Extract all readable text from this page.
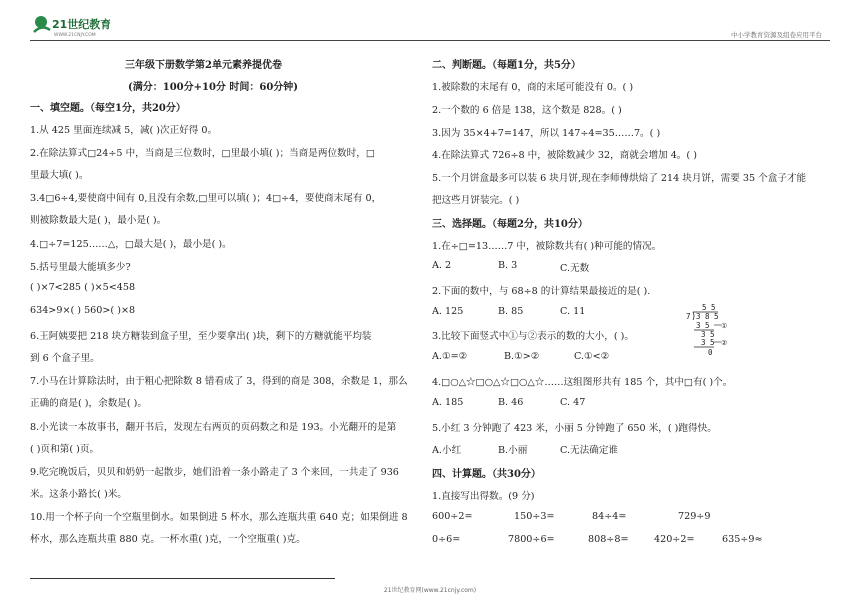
21世纪教育
WWW.21CNJY.COM	中小学教育资源及组卷应用平台
三年级下册数学第2单元素养提优卷
(满分：100分+10分 时间：60分钟)
一、填空题。（每空1分，共20分）
1.从 425 里面连续减 5，减( )次正好得 0。
2.在除法算式□24÷5 中，当商是三位数时，□里最小填( )；当商是两位数时，□
里最大填( )。
3.4□6÷4,要使商中间有 0,且没有余数,□里可以填( )；4□÷4，要使商末尾有 0，
则被除数最大是( )，最小是( )。
4.□÷7=125……△，□最大是( )，最小是( )。
5.括号里最大能填多少?
( )×7<285 ( )×5<458
634>9×( ) 560>( )×8
6.王阿姨要把 218 块方糖装到盒子里，至少要拿出( )块，剩下的方糖就能平均装
到 6 个盒子里。
7.小马在计算除法时，由于粗心把除数 8 错看成了 3，得到的商是 308，余数是 1，那么
正确的商是( )，余数是( )。
8.小光读一本故事书，翻开书后，发现左右两页的页码数之和是 193。小光翻开的是第
( )页和第( )页。
9.吃完晚饭后，贝贝和奶奶一起散步，她们沿着一条小路走了 3 个来回，一共走了 936
米。这条小路长( )米。
10.用一个杯子向一个空瓶里倒水。如果倒进 5 杯水，那么连瓶共重 640 克；如果倒进 8
杯水，那么连瓶共重 880 克。一杯水重( )克，一个空瓶重( )克。
二、判断题。（每题1分，共5分）
1.被除数的末尾有 0，商的末尾可能没有 0。( )
2.一个数的 6 倍是 138，这个数是 828。( )
3.因为 35×4+7=147，所以 147÷4=35……7。( )
4.在除法算式 726÷8 中，被除数减少 32，商就会增加 4。( )
5.一个月饼盒最多可以装 6 块月饼,现在李师傅烘焙了 214 块月饼，需要 35 个盒子才能
把这些月饼装完。( )
三、选择题。（每题2分，共10分）
1.在÷□=13……7 中，被除数共有( )种可能的情况。
A. 2	B. 3	C.无数
2.下面的数中，与 68÷8 的计算结果最接近的是( ).
A. 125	B. 85	C. 11
3.比较下面竖式中①与②表示的数的大小，( )。
A.①=②	B.①>②	C.①<②
4.□○△☆□○△☆□○△☆……这组图形共有 185 个，其中□有( )个。
A. 185	B. 46	C. 47
5.小红 3 分钟跑了 423 米，小丽 5 分钟跑了 650 米，( )跑得快。
A.小红	B.小丽	C.无法确定谁
四、计算题。（共30分）
1.直接写出得数。(9 分)
600÷2=	150÷3=	84÷4=	729÷9
0÷6=	7800÷6=	808÷8=	420÷2=	635÷9≈
5 5
7 3 8 5
3 5 ①
3 5
3 5 ②
0
21世纪教育网(www.21cnjy.com)
